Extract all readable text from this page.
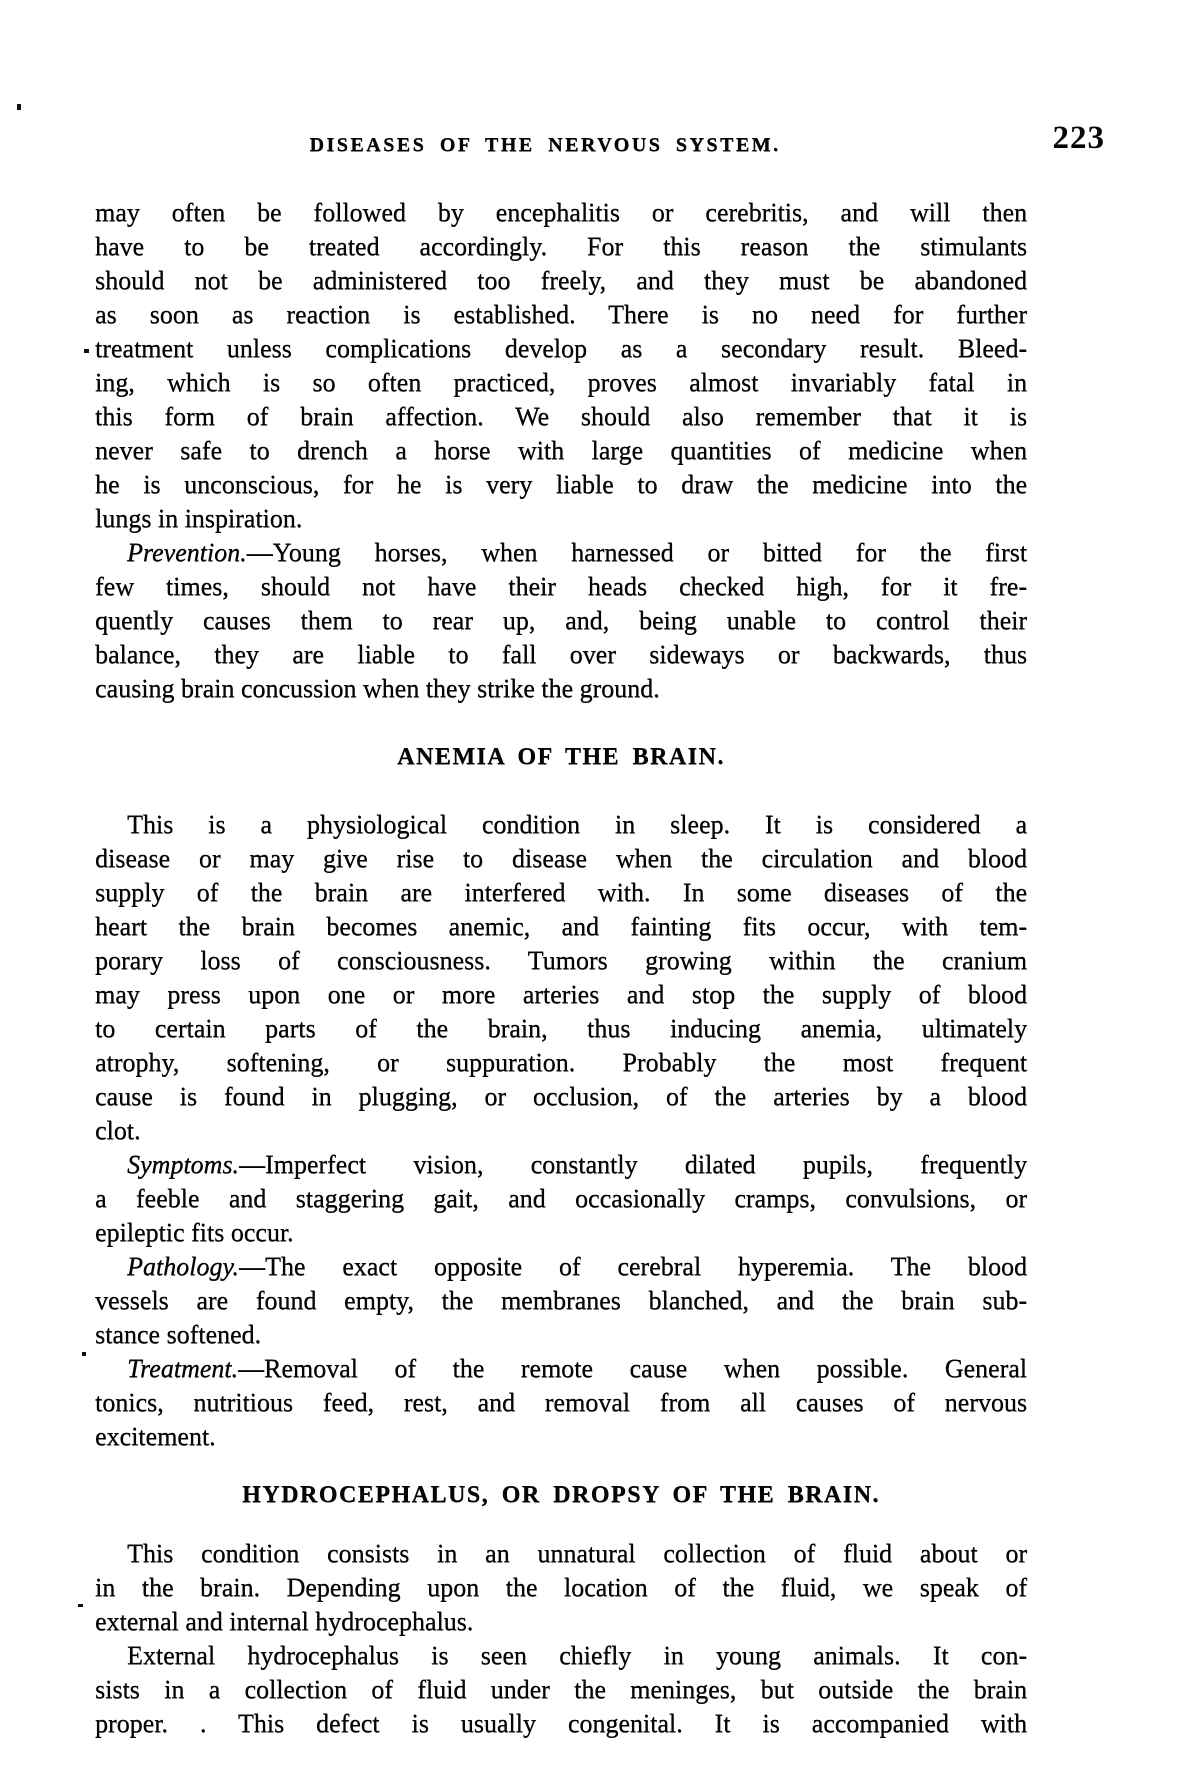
DISEASES OF THE NERVOUS SYSTEM.	223
may often be followed by encephalitis or cerebritis, and will then
have to be treated accordingly. For this reason the stimulants
should not be administered too freely, and they must be abandoned
as soon as reaction is established. There is no need for further
treatment unless complications develop as a secondary result. Bleed-
ing, which is so often practiced, proves almost invariably fatal in
this form of brain affection. We should also remember that it is
never safe to drench a horse with large quantities of medicine when
he is unconscious, for he is very liable to draw the medicine into the
lungs in inspiration.
Prevention.—Young horses, when harnessed or bitted for the first
few times, should not have their heads checked high, for it fre-
quently causes them to rear up, and, being unable to control their
balance, they are liable to fall over sideways or backwards, thus
causing brain concussion when they strike the ground.
ANEMIA OF THE BRAIN.
This is a physiological condition in sleep. It is considered a
disease or may give rise to disease when the circulation and blood
supply of the brain are interfered with. In some diseases of the
heart the brain becomes anemic, and fainting fits occur, with tem-
porary loss of consciousness. Tumors growing within the cranium
may press upon one or more arteries and stop the supply of blood
to certain parts of the brain, thus inducing anemia, ultimately
atrophy, softening, or suppuration. Probably the most frequent
cause is found in plugging, or occlusion, of the arteries by a blood
clot.
Symptoms.—Imperfect vision, constantly dilated pupils, frequently
a feeble and staggering gait, and occasionally cramps, convulsions, or
epileptic fits occur.
Pathology.—The exact opposite of cerebral hyperemia. The blood
vessels are found empty, the membranes blanched, and the brain sub-
stance softened.
Treatment.—Removal of the remote cause when possible. General
tonics, nutritious feed, rest, and removal from all causes of nervous
excitement.
HYDROCEPHALUS, OR DROPSY OF THE BRAIN.
This condition consists in an unnatural collection of fluid about or
in the brain. Depending upon the location of the fluid, we speak of
external and internal hydrocephalus.
External hydrocephalus is seen chiefly in young animals. It con-
sists in a collection of fluid under the meninges, but outside the brain
proper. . This defect is usually congenital. It is accompanied with
